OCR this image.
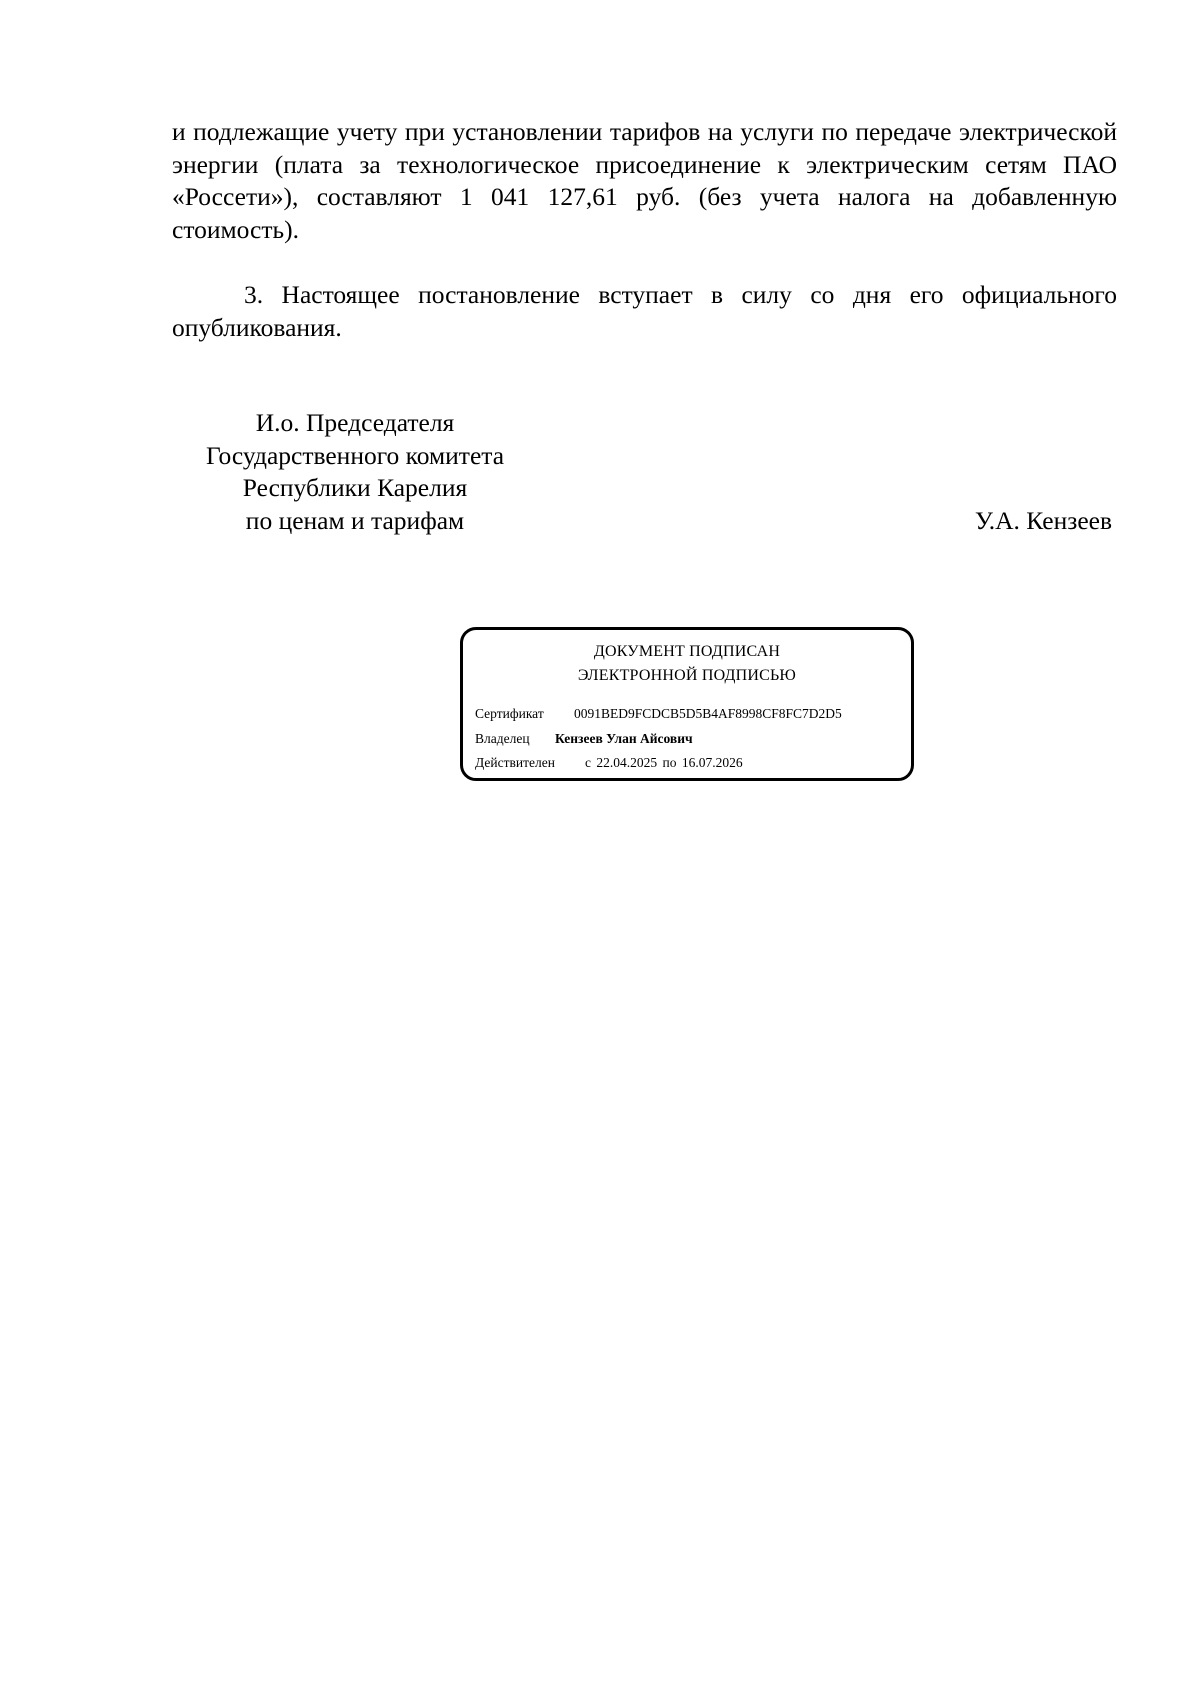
и подлежащие учету при установлении тарифов на услуги по передаче электрической энергии (плата за технологическое присоединение к электрическим сетям ПАО «Россети»), составляют 1 041 127,61 руб. (без учета налога на добавленную стоимость).

3. Настоящее постановление вступает в силу со дня его официального опубликования.

И.о. Председателя
Государственного комитета
Республики Карелия
по ценам и тарифам	У.А. Кензеев
ДОКУМЕНТ ПОДПИСАН
ЭЛЕКТРОННОЙ ПОДПИСЬЮ
Сертификат 0091BED9FCDCB5D5B4AF8998CF8FC7D2D5
Владелец Кензеев Улан Айсович
Действителен с 22.04.2025 по 16.07.2026
